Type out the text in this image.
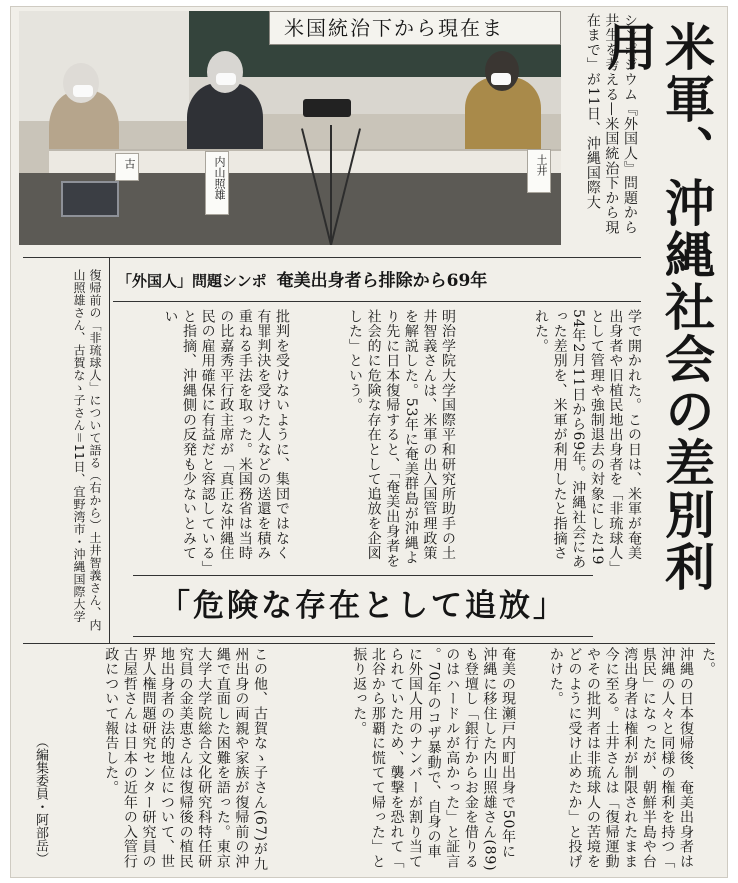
米国統治下から現在ま
内山照雄	土井
古	シンポジウム『外国人』問題から共生を考える—米国統治下から現在まで」が11日、沖縄国際大	米軍、沖縄社会の差別利用
「外国人」問題シンポ 奄美出身者ら排除から69年
学で開かれた。この日は、米軍が奄美出身者や旧植民地出身者を「非琉球人」として管理や強制退去の対象にした1954年2月11日から69年。沖縄社会にあった差別を、米軍が利用したと指摘された。
明治学院大学国際平和研究所助手の土井智義さんは、米軍の出入国管理政策を解説した。53年に奄美群島が沖縄より先に日本復帰すると、「奄美出身者を社会的に危険な存在として追放を企図した」という。
批判を受けないように、集団ではなく有罪判決を受けた人などの送還を積み重ねる手法を取った。米国務省は当時の比嘉秀平行政主席が「真正な沖縄住民の雇用確保に有益だと容認している」と指摘、沖縄側の反発も少ないとみてい
復帰前の「非琉球人」について語る（右から）土井智義さん、内山照雄さん、古賀なゝ子さん＝11日、宜野湾市・沖縄国際大学	「危険な存在として追放」
た。
沖縄の日本復帰後、奄美出身者は沖縄の人々と同様の権利を持つ「県民」になったが、朝鮮半島や台湾出身者は権利が制限されたまま今に至る。土井さんは「復帰運動やその批判者は非琉球人の苦境をどのように受け止めたか」と投げかけた。
奄美の現瀬戸内町出身で50年に沖縄に移住した内山照雄さん(89)も登壇し「銀行からお金を借りるのはハードルが高かった」と証言。70年のコザ暴動で、自身の車に外国人用のナンバーが割り当てられていたため、襲撃を恐れて「北谷から那覇に慌てて帰った」と振り返った。
この他、古賀なゝ子さん(67)が九州出身の両親や家族が復帰前の沖縄で直面した困難を語った。東京大学大学院総合文化研究科特任研究員の金美恵さんは復帰後の植民地出身者の法的地位について、世界人権問題研究センター研究員の古屋哲さんは日本の近年の入管行政について報告した。
（編集委員・阿部岳）
